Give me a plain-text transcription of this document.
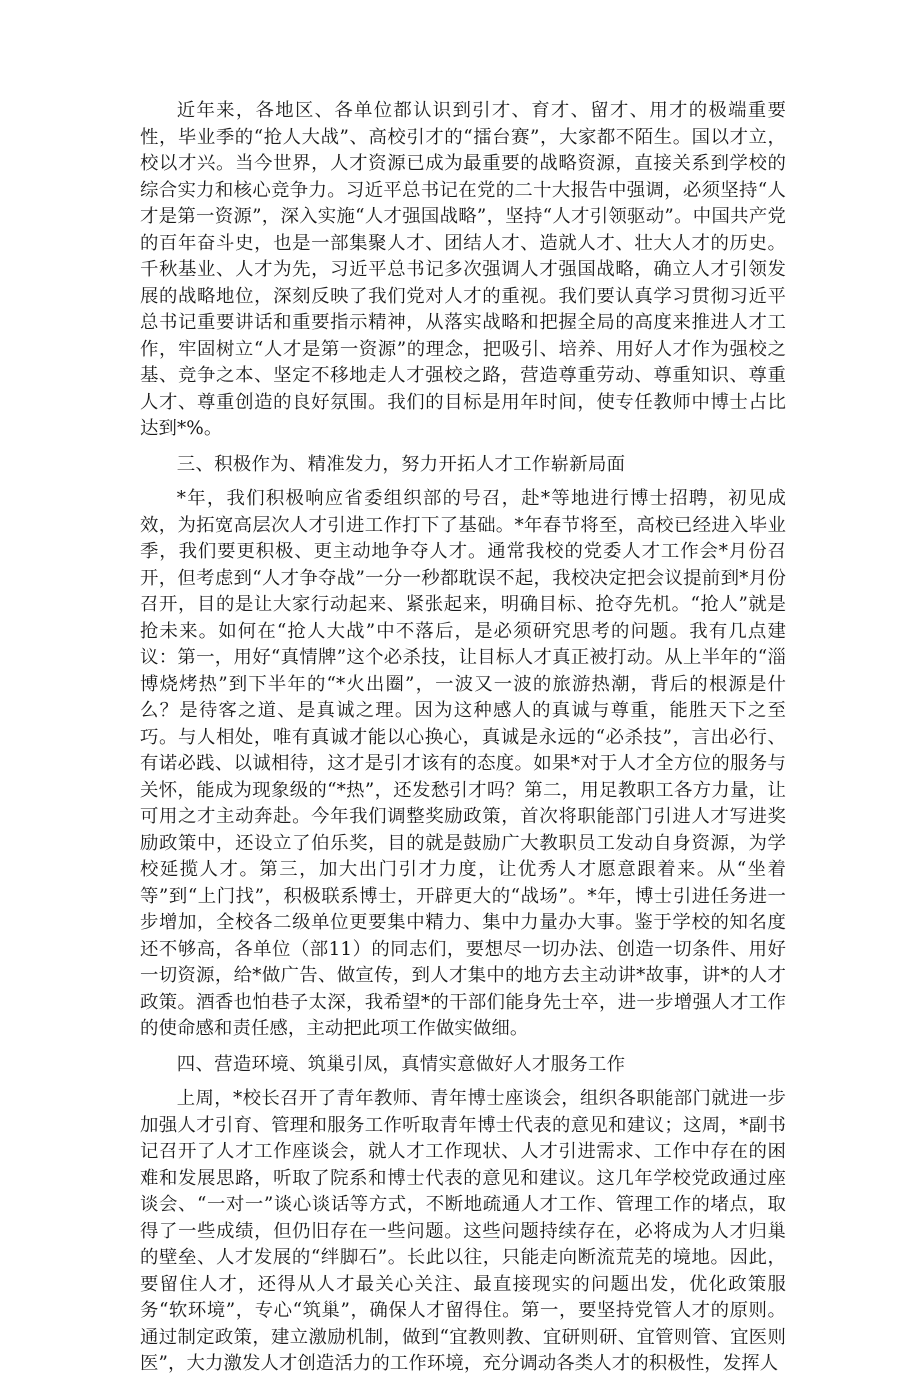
近年来，各地区、各单位都认识到引才、育才、留才、用才的极端重要性，毕业季的“抢人大战”、高校引才的“擂台赛”，大家都不陌生。国以才立，校以才兴。当今世界，人才资源已成为最重要的战略资源，直接关系到学校的综合实力和核心竞争力。习近平总书记在党的二十大报告中强调，必须坚持“人才是第一资源”，深入实施“人才强国战略”，坚持“人才引领驱动”。中国共产党的百年奋斗史，也是一部集聚人才、团结人才、造就人才、壮大人才的历史。千秋基业、人才为先，习近平总书记多次强调人才强国战略，确立人才引领发展的战略地位，深刻反映了我们党对人才的重视。我们要认真学习贯彻习近平总书记重要讲话和重要指示精神，从落实战略和把握全局的高度来推进人才工作，牢固树立“人才是第一资源”的理念，把吸引、培养、用好人才作为强校之基、竞争之本、坚定不移地走人才强校之路，营造尊重劳动、尊重知识、尊重人才、尊重创造的良好氛围。我们的目标是用年时间，使专任教师中博士占比达到*%。

三、积极作为、精准发力，努力开拓人才工作崭新局面

*年，我们积极响应省委组织部的号召，赴*等地进行博士招聘，初见成效，为拓宽高层次人才引进工作打下了基础。*年春节将至，高校已经进入毕业季，我们要更积极、更主动地争夺人才。通常我校的党委人才工作会*月份召开，但考虑到“人才争夺战”一分一秒都耽误不起，我校决定把会议提前到*月份召开，目的是让大家行动起来、紧张起来，明确目标、抢夺先机。“抢人”就是抢未来。如何在“抢人大战”中不落后，是必须研究思考的问题。我有几点建议：第一，用好“真情牌”这个必杀技，让目标人才真正被打动。从上半年的“淄博烧烤热”到下半年的“*火出圈”，一波又一波的旅游热潮，背后的根源是什么？是待客之道、是真诚之理。因为这种感人的真诚与尊重，能胜天下之至巧。与人相处，唯有真诚才能以心换心，真诚是永远的“必杀技”，言出必行、有诺必践、以诚相待，这才是引才该有的态度。如果*对于人才全方位的服务与关怀，能成为现象级的“*热”，还发愁引才吗？第二，用足教职工各方力量，让可用之才主动奔赴。今年我们调整奖励政策，首次将职能部门引进人才写进奖励政策中，还设立了伯乐奖，目的就是鼓励广大教职员工发动自身资源，为学校延揽人才。第三，加大出门引才力度，让优秀人才愿意跟着来。从“坐着等”到“上门找”，积极联系博士，开辟更大的“战场”。*年，博士引进任务进一步增加，全校各二级单位更要集中精力、集中力量办大事。鉴于学校的知名度还不够高，各单位（部11）的同志们，要想尽一切办法、创造一切条件、用好一切资源，给*做广告、做宣传，到人才集中的地方去主动讲*故事，讲*的人才政策。酒香也怕巷子太深，我希望*的干部们能身先士卒，进一步增强人才工作的使命感和责任感，主动把此项工作做实做细。

四、营造环境、筑巢引凤，真情实意做好人才服务工作

上周，*校长召开了青年教师、青年博士座谈会，组织各职能部门就进一步加强人才引育、管理和服务工作听取青年博士代表的意见和建议；这周，*副书记召开了人才工作座谈会，就人才工作现状、人才引进需求、工作中存在的困难和发展思路，听取了院系和博士代表的意见和建议。这几年学校党政通过座谈会、“一对一”谈心谈话等方式，不断地疏通人才工作、管理工作的堵点，取得了一些成绩，但仍旧存在一些问题。这些问题持续存在，必将成为人才归巢的壁垒、人才发展的“绊脚石”。长此以往，只能走向断流荒芜的境地。因此，要留住人才，还得从人才最关心关注、最直接现实的问题出发，优化政策服务“软环境”，专心“筑巢”，确保人才留得住。第一，要坚持党管人才的原则。通过制定政策，建立激励机制，做到“宜教则教、宜研则研、宜管则管、宜医则医”，大力激发人才创造活力的工作环境，充分调动各类人才的积极性，发挥人
